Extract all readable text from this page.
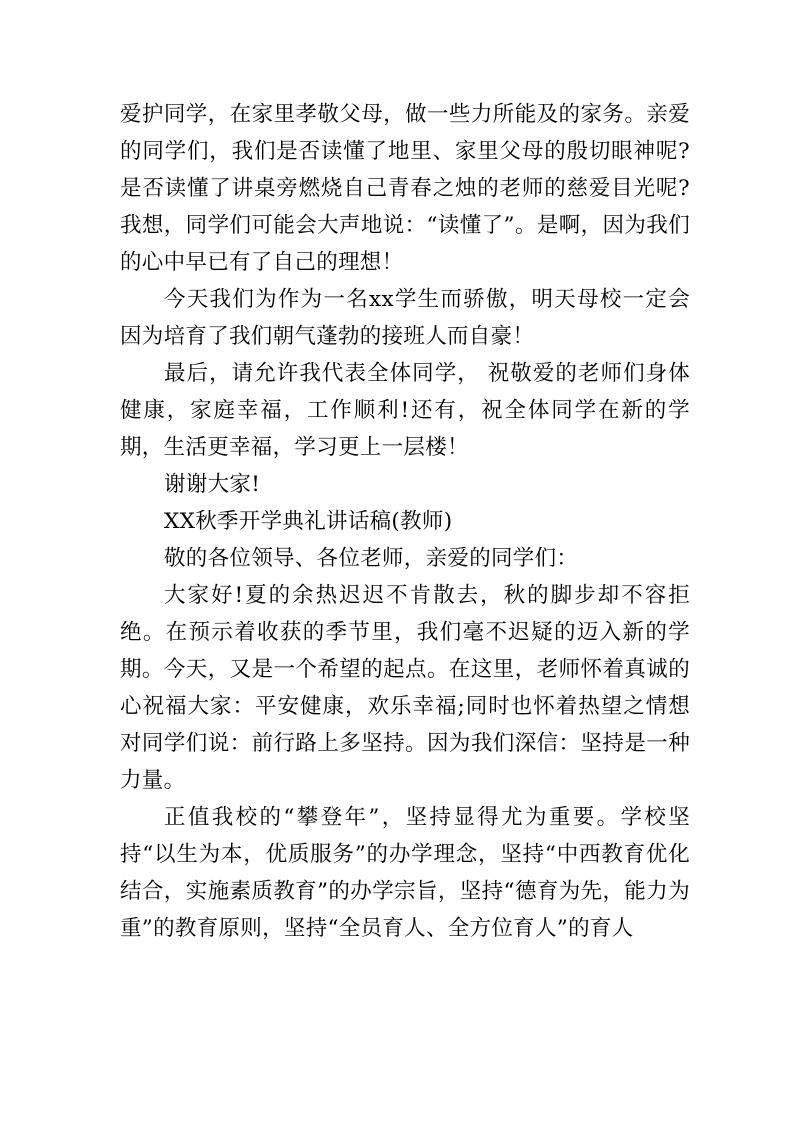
爱护同学，在家里孝敬父母，做一些力所能及的家务。亲爱的同学们，我们是否读懂了地里、家里父母的殷切眼神呢?是否读懂了讲桌旁燃烧自己青春之烛的老师的慈爱目光呢?我想，同学们可能会大声地说：“读懂了”。是啊，因为我们的心中早已有了自己的理想！

今天我们为作为一名xx学生而骄傲，明天母校一定会因为培育了我们朝气蓬勃的接班人而自豪！

最后，请允许我代表全体同学， 祝敬爱的老师们身体健康，家庭幸福，工作顺利!还有，祝全体同学在新的学期，生活更幸福，学习更上一层楼！

谢谢大家!

XX秋季开学典礼讲话稿(教师)

敬的各位领导、各位老师，亲爱的同学们：

大家好!夏的余热迟迟不肯散去，秋的脚步却不容拒绝。在预示着收获的季节里，我们毫不迟疑的迈入新的学期。今天，又是一个希望的起点。在这里，老师怀着真诚的心祝福大家：平安健康，欢乐幸福;同时也怀着热望之情想对同学们说：前行路上多坚持。因为我们深信：坚持是一种力量。

正值我校的“攀登年”，坚持显得尤为重要。学校坚持“以生为本，优质服务”的办学理念，坚持“中西教育优化结合，实施素质教育”的办学宗旨，坚持“德育为先，能力为重”的教育原则，坚持“全员育人、全方位育人”的育人
